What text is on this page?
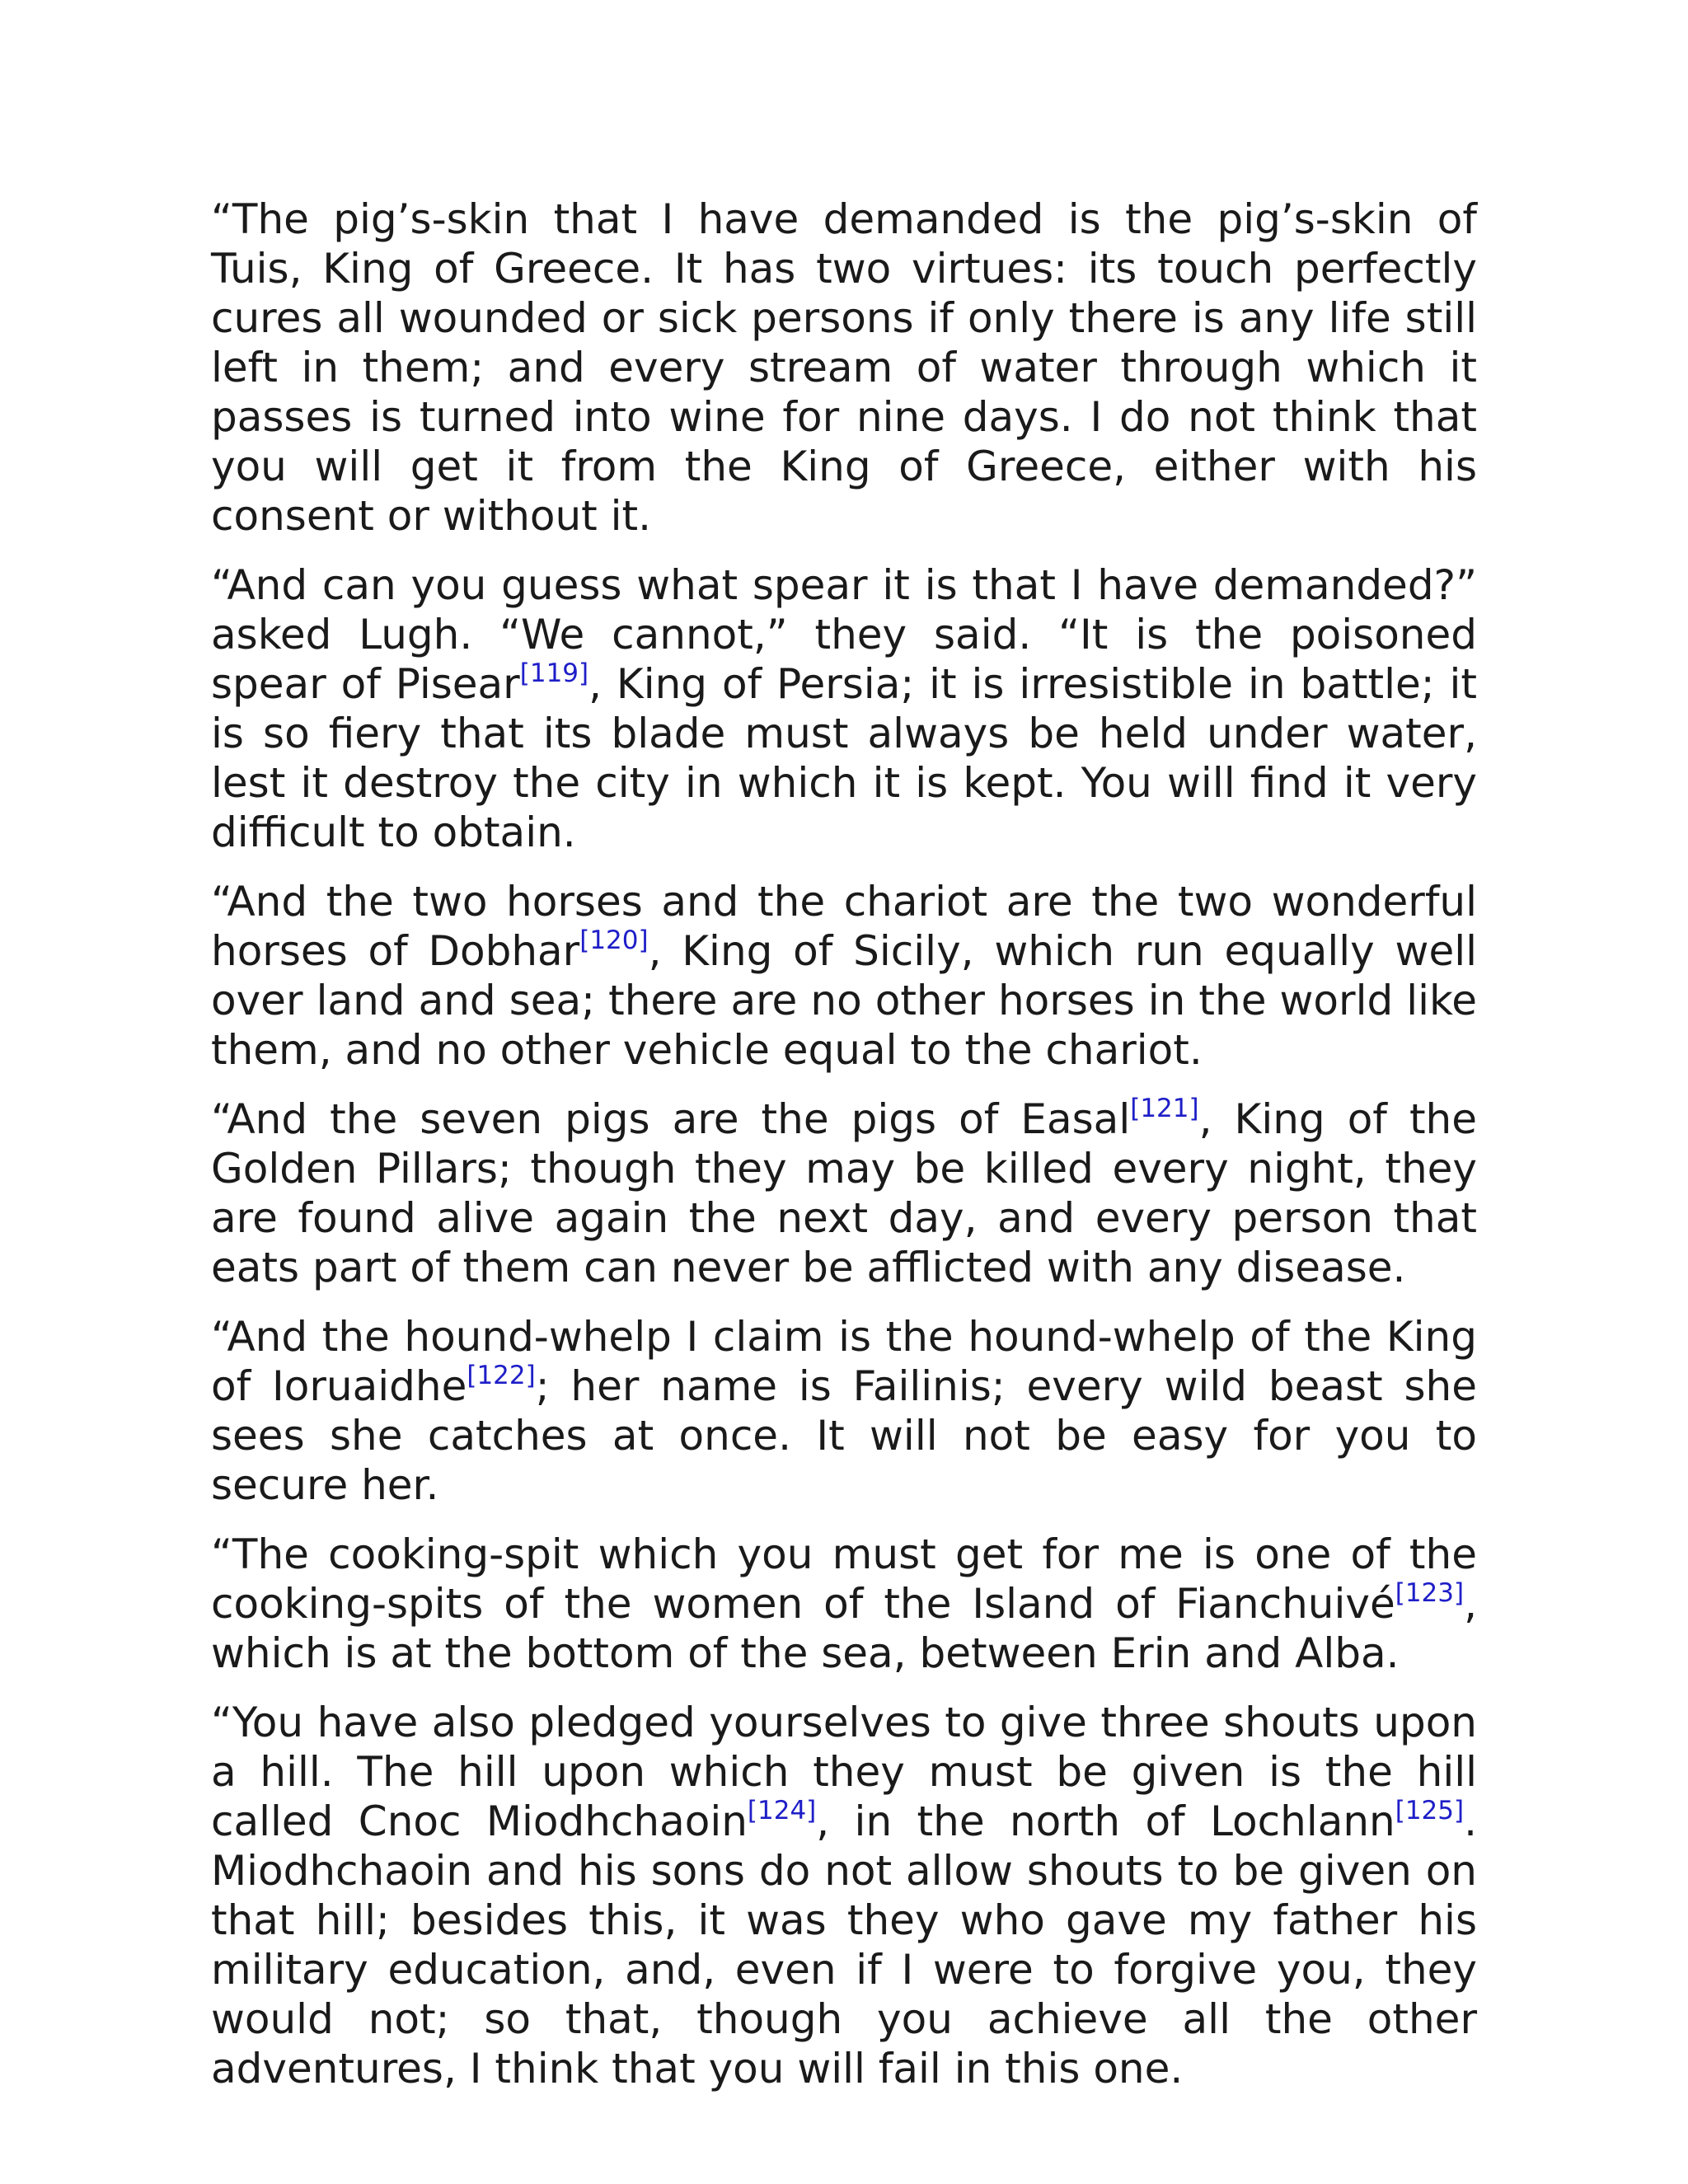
“The pig’s-skin that I have demanded is the pig’s-skin of Tuis, King of Greece. It has two virtues: its touch perfectly cures all wounded or sick persons if only there is any life still left in them; and every stream of water through which it passes is turned into wine for nine days. I do not think that you will get it from the King of Greece, either with his consent or without it.

“And can you guess what spear it is that I have demanded?” asked Lugh. “We cannot,” they said. “It is the poisoned spear of Pisear[119], King of Persia; it is irresistible in battle; it is so fiery that its blade must always be held under water, lest it destroy the city in which it is kept. You will find it very difficult to obtain.

“And the two horses and the chariot are the two wonderful horses of Dobhar[120], King of Sicily, which run equally well over land and sea; there are no other horses in the world like them, and no other vehicle equal to the chariot.

“And the seven pigs are the pigs of Easal[121], King of the Golden Pillars; though they may be killed every night, they are found alive again the next day, and every person that eats part of them can never be afflicted with any disease.

“And the hound-whelp I claim is the hound-whelp of the King of Ioruaidhe[122]; her name is Failinis; every wild beast she sees she catches at once. It will not be easy for you to secure her.

“The cooking-spit which you must get for me is one of the cooking-spits of the women of the Island of Fianchuivé[123], which is at the bottom of the sea, between Erin and Alba.

“You have also pledged yourselves to give three shouts upon a hill. The hill upon which they must be given is the hill called Cnoc Miodhchaoin[124], in the north of Lochlann[125]. Miodhchaoin and his sons do not allow shouts to be given on that hill; besides this, it was they who gave my father his military education, and, even if I were to forgive you, they would not; so that, though you achieve all the other adventures, I think that you will fail in this one.
